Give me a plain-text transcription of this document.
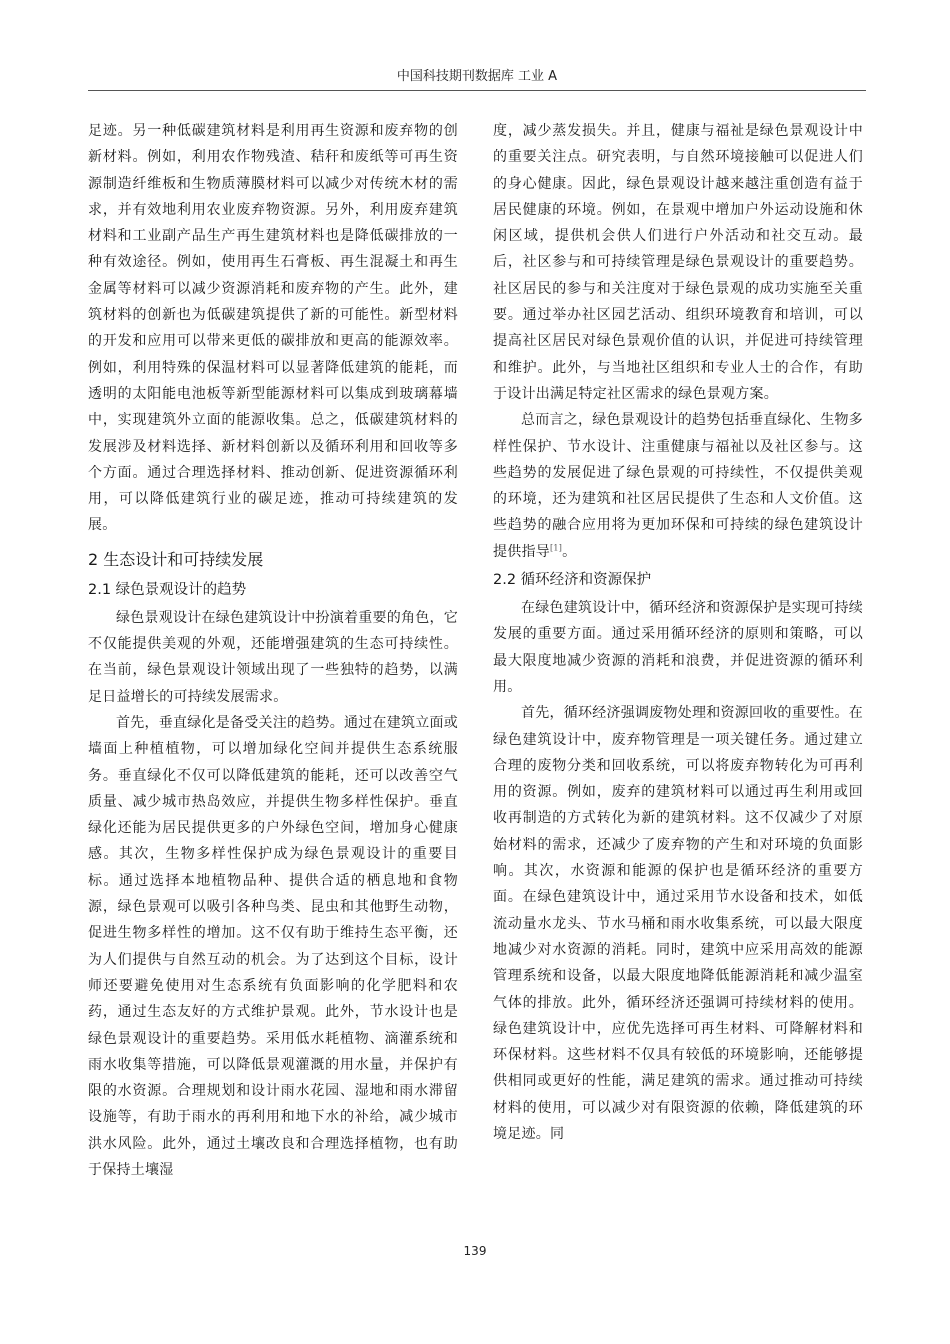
中国科技期刊数据库 工业 A

足迹。另一种低碳建筑材料是利用再生资源和废弃物的创新材料。例如，利用农作物残渣、秸秆和废纸等可再生资源制造纤维板和生物质薄膜材料可以减少对传统木材的需求，并有效地利用农业废弃物资源。另外，利用废弃建筑材料和工业副产品生产再生建筑材料也是降低碳排放的一种有效途径。例如，使用再生石膏板、再生混凝土和再生金属等材料可以减少资源消耗和废弃物的产生。此外，建筑材料的创新也为低碳建筑提供了新的可能性。新型材料的开发和应用可以带来更低的碳排放和更高的能源效率。例如，利用特殊的保温材料可以显著降低建筑的能耗，而透明的太阳能电池板等新型能源材料可以集成到玻璃幕墙中，实现建筑外立面的能源收集。总之，低碳建筑材料的发展涉及材料选择、新材料创新以及循环利用和回收等多个方面。通过合理选择材料、推动创新、促进资源循环利用，可以降低建筑行业的碳足迹，推动可持续建筑的发展。

2 生态设计和可持续发展
2.1 绿色景观设计的趋势

绿色景观设计在绿色建筑设计中扮演着重要的角色，它不仅能提供美观的外观，还能增强建筑的生态可持续性。在当前，绿色景观设计领域出现了一些独特的趋势，以满足日益增长的可持续发展需求。

首先，垂直绿化是备受关注的趋势。通过在建筑立面或墙面上种植植物，可以增加绿化空间并提供生态系统服务。垂直绿化不仅可以降低建筑的能耗，还可以改善空气质量、减少城市热岛效应，并提供生物多样性保护。垂直绿化还能为居民提供更多的户外绿色空间，增加身心健康感。其次，生物多样性保护成为绿色景观设计的重要目标。通过选择本地植物品种、提供合适的栖息地和食物源，绿色景观可以吸引各种鸟类、昆虫和其他野生动物，促进生物多样性的增加。这不仅有助于维持生态平衡，还为人们提供与自然互动的机会。为了达到这个目标，设计师还要避免使用对生态系统有负面影响的化学肥料和农药，通过生态友好的方式维护景观。此外，节水设计也是绿色景观设计的重要趋势。采用低水耗植物、滴灌系统和雨水收集等措施，可以降低景观灌溉的用水量，并保护有限的水资源。合理规划和设计雨水花园、湿地和雨水滞留设施等，有助于雨水的再利用和地下水的补给，减少城市洪水风险。此外，通过土壤改良和合理选择植物，也有助于保持土壤湿

度，减少蒸发损失。并且，健康与福祉是绿色景观设计中的重要关注点。研究表明，与自然环境接触可以促进人们的身心健康。因此，绿色景观设计越来越注重创造有益于居民健康的环境。例如，在景观中增加户外运动设施和休闲区域，提供机会供人们进行户外活动和社交互动。最后，社区参与和可持续管理是绿色景观设计的重要趋势。社区居民的参与和关注度对于绿色景观的成功实施至关重要。通过举办社区园艺活动、组织环境教育和培训，可以提高社区居民对绿色景观价值的认识，并促进可持续管理和维护。此外，与当地社区组织和专业人士的合作，有助于设计出满足特定社区需求的绿色景观方案。

总而言之，绿色景观设计的趋势包括垂直绿化、生物多样性保护、节水设计、注重健康与福祉以及社区参与。这些趋势的发展促进了绿色景观的可持续性，不仅提供美观的环境，还为建筑和社区居民提供了生态和人文价值。这些趋势的融合应用将为更加环保和可持续的绿色建筑设计提供指导[1]。

2.2 循环经济和资源保护

在绿色建筑设计中，循环经济和资源保护是实现可持续发展的重要方面。通过采用循环经济的原则和策略，可以最大限度地减少资源的消耗和浪费，并促进资源的循环利用。

首先，循环经济强调废物处理和资源回收的重要性。在绿色建筑设计中，废弃物管理是一项关键任务。通过建立合理的废物分类和回收系统，可以将废弃物转化为可再利用的资源。例如，废弃的建筑材料可以通过再生利用或回收再制造的方式转化为新的建筑材料。这不仅减少了对原始材料的需求，还减少了废弃物的产生和对环境的负面影响。其次，水资源和能源的保护也是循环经济的重要方面。在绿色建筑设计中，通过采用节水设备和技术，如低流动量水龙头、节水马桶和雨水收集系统，可以最大限度地减少对水资源的消耗。同时，建筑中应采用高效的能源管理系统和设备，以最大限度地降低能源消耗和减少温室气体的排放。此外，循环经济还强调可持续材料的使用。绿色建筑设计中，应优先选择可再生材料、可降解材料和环保材料。这些材料不仅具有较低的环境影响，还能够提供相同或更好的性能，满足建筑的需求。通过推动可持续材料的使用，可以减少对有限资源的依赖，降低建筑的环境足迹。同

139
